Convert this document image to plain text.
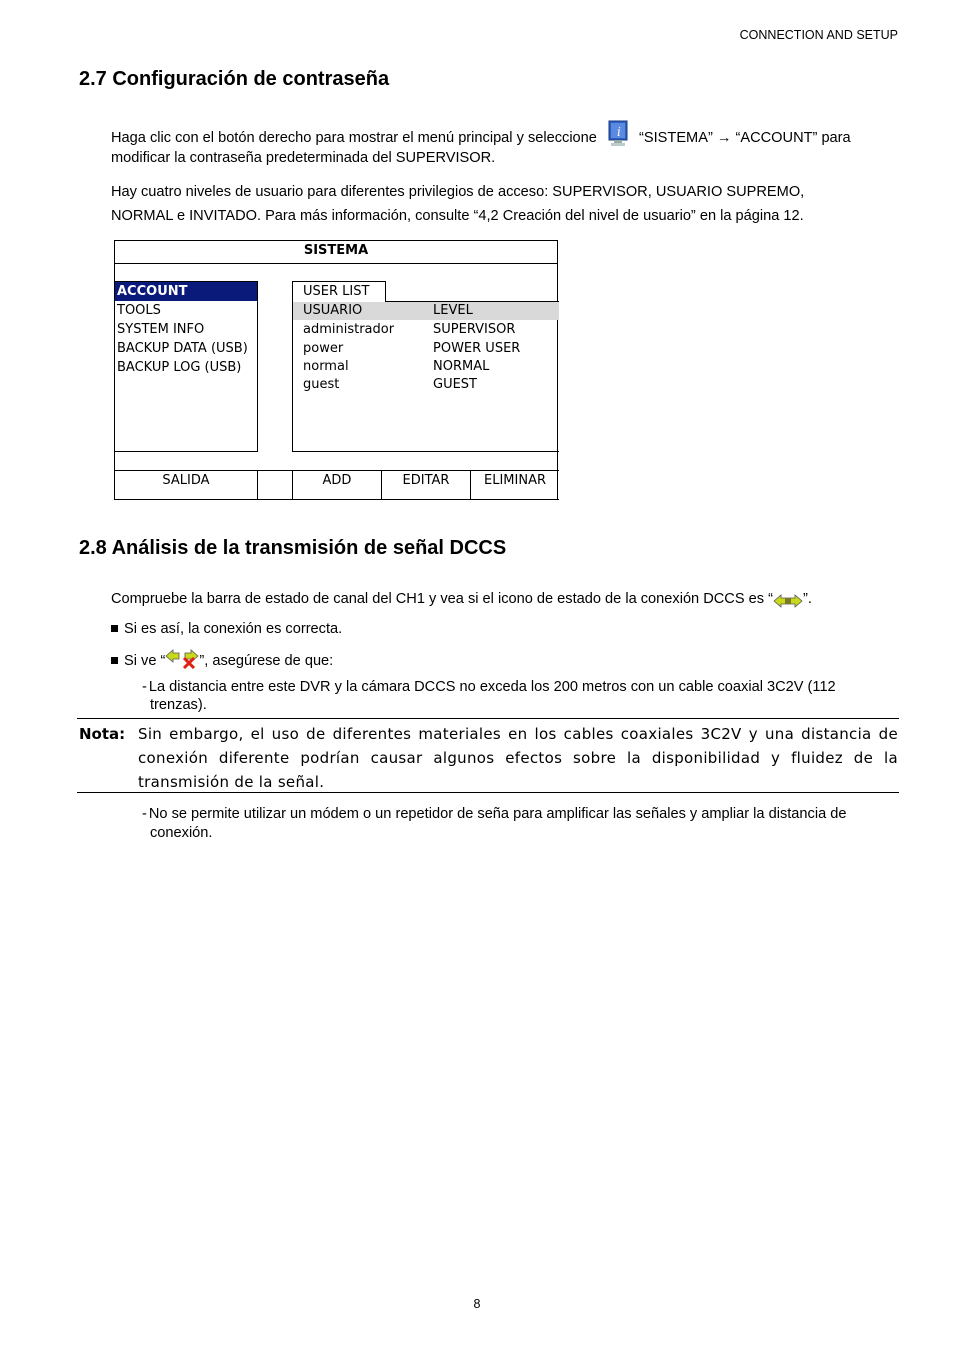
CONNECTION AND SETUP
2.7 Configuración de contraseña
Haga clic con el botón derecho para mostrar el menú principal y seleccione i “SISTEMA” → “ACCOUNT” para
modificar la contraseña predeterminada del SUPERVISOR.
Hay cuatro niveles de usuario para diferentes privilegios de acceso: SUPERVISOR, USUARIO SUPREMO,
NORMAL e INVITADO. Para más información, consulte “4,2 Creación del nivel de usuario” en la página 12.
SISTEMA
ACCOUNT
TOOLS
SYSTEM INFO
BACKUP DATA (USB)
BACKUP LOG (USB)
USER LIST
USUARIO	LEVEL
administrador	SUPERVISOR
power	POWER USER
normal	NORMAL
guest	GUEST
SALIDA	ADD	EDITAR	ELIMINAR
2.8 Análisis de la transmisión de señal DCCS
Compruebe la barra de estado de canal del CH1 y vea si el icono de estado de la conexión DCCS es “ ”.
Si es así, la conexión es correcta.
Si ve “ ”, asegúrese de que:
- La distancia entre este DVR y la cámara DCCS no exceda los 200 metros con un cable coaxial 3C2V (112
trenzas).
Nota: Sin embargo, el uso de diferentes materiales en los cables coaxiales 3C2V y una distancia de
conexión diferente podrían causar algunos efectos sobre la disponibilidad y fluidez de la
transmisión de la señal.
- No se permite utilizar un módem o un repetidor de seña para amplificar las señales y ampliar la distancia de
conexión.
8
